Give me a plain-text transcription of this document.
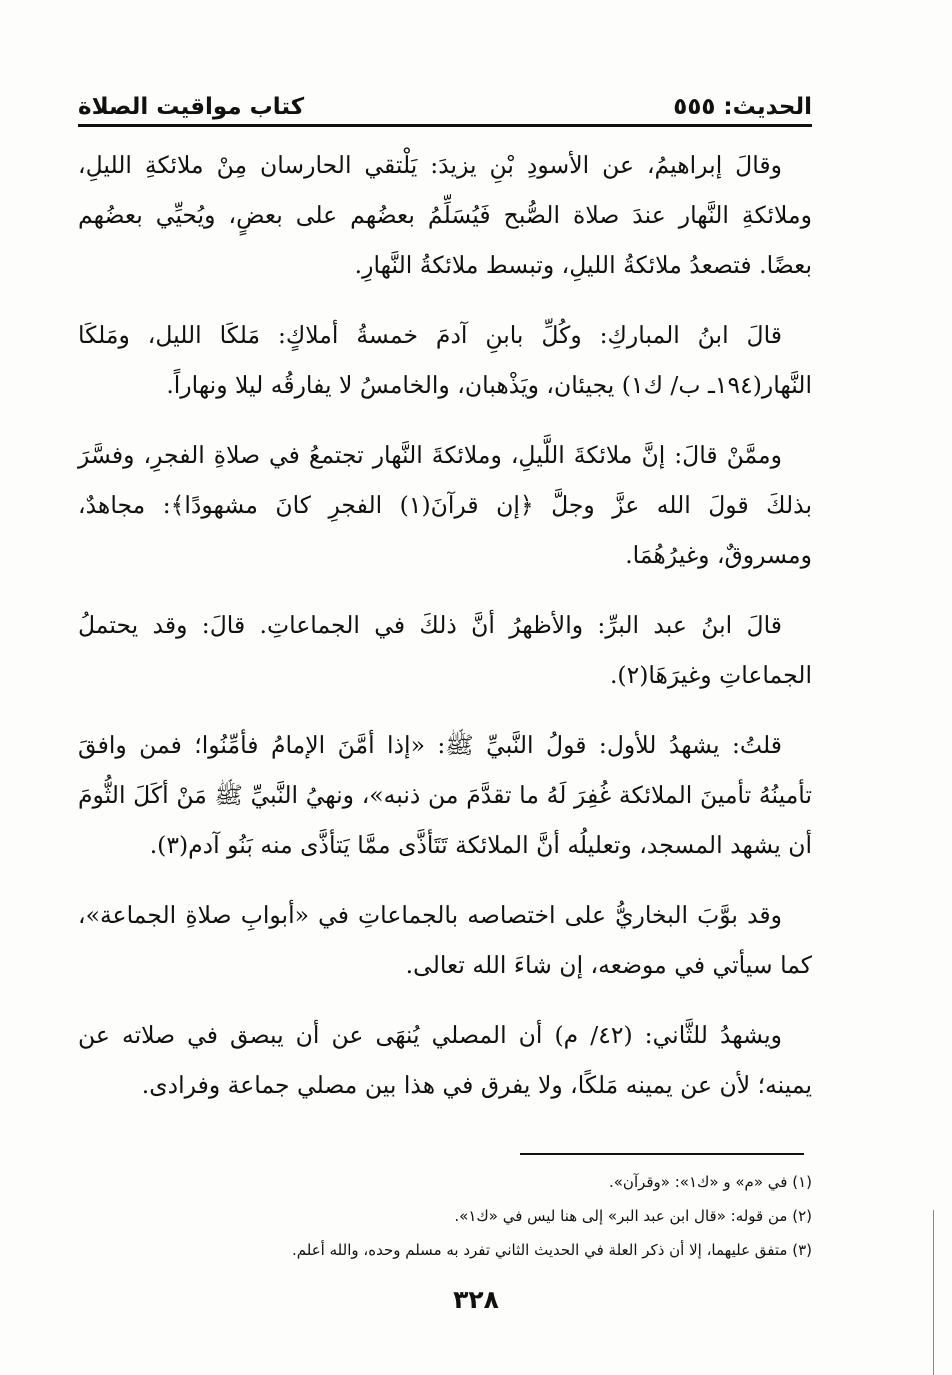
الحديث: ٥٥٥
كتاب مواقيت الصلاة

وقالَ إبراهيمُ، عن الأسودِ بْنِ يزيدَ: يَلْتقي الحارسان مِنْ ملائكةِ الليلِ، وملائكةِ النَّهار عندَ صلاة الصُّبح فَيُسَلِّمُ بعضُهم على بعضٍ، ويُحيِّي بعضُهم بعضًا. فتصعدُ ملائكةُ الليلِ، وتبسط ملائكةُ النَّهارِ.

قالَ ابنُ المباركِ: وكُلِّ بابنِ آدمَ خمسةُ أملاكٍ: مَلكَا الليل، ومَلكَا النَّهار(١٩٤ـ ب/ ك١) يجيئان، ويَذْهبان، والخامسُ لا يفارقُه ليلا ونهاراً.

وممَّنْ قالَ: إنَّ ملائكةَ اللَّيلِ، وملائكةَ النَّهار تجتمعُ في صلاةِ الفجرِ، وفسَّرَ بذلكَ قولَ الله عزَّ وجلَّ ﴿إن قرآنَ(١) الفجرِ كانَ مشهودًا﴾: مجاهدٌ، ومسروقٌ، وغيرُهُمَا.

قالَ ابنُ عبد البرِّ: والأظهرُ أنَّ ذلكَ في الجماعاتِ. قالَ: وقد يحتملُ الجماعاتِ وغيرَهَا(٢).

قلتُ: يشهدُ للأول: قولُ النَّبيِّ ﷺ: «إذا أمَّنَ الإمامُ فأمِّنُوا؛ فمن وافقَ تأمينُهُ تأمينَ الملائكة غُفِرَ لَهُ ما تقدَّمَ من ذنبه»، ونهيُ النَّبيِّ ﷺ مَنْ أكَلَ الثُّومَ أن يشهد المسجد، وتعليلُه أنَّ الملائكة تَتَأذَّى ممَّا يَتأذَّى منه بَنُو آدم(٣).

وقد بوَّبَ البخاريُّ على اختصاصه بالجماعاتِ في «أبوابِ صلاةِ الجماعة»، كما سيأتي في موضعه، إن شاءَ الله تعالى.

ويشهدُ للثَّاني: (٤٢/ م) أن المصلي يُنهَى عن أن يبصق في صلاته عن يمينه؛ لأن عن يمينه مَلكًا، ولا يفرق في هذا بين مصلي جماعة وفرادى.

(١) في «م» و «ك١»: «وقرآن».
(٢) من قوله: «قال ابن عبد البر» إلى هنا ليس في «ك١».
(٣) متفق عليهما، إلا أن ذكر العلة في الحديث الثاني تفرد به مسلم وحده، والله أعلم.
٣٢٨
